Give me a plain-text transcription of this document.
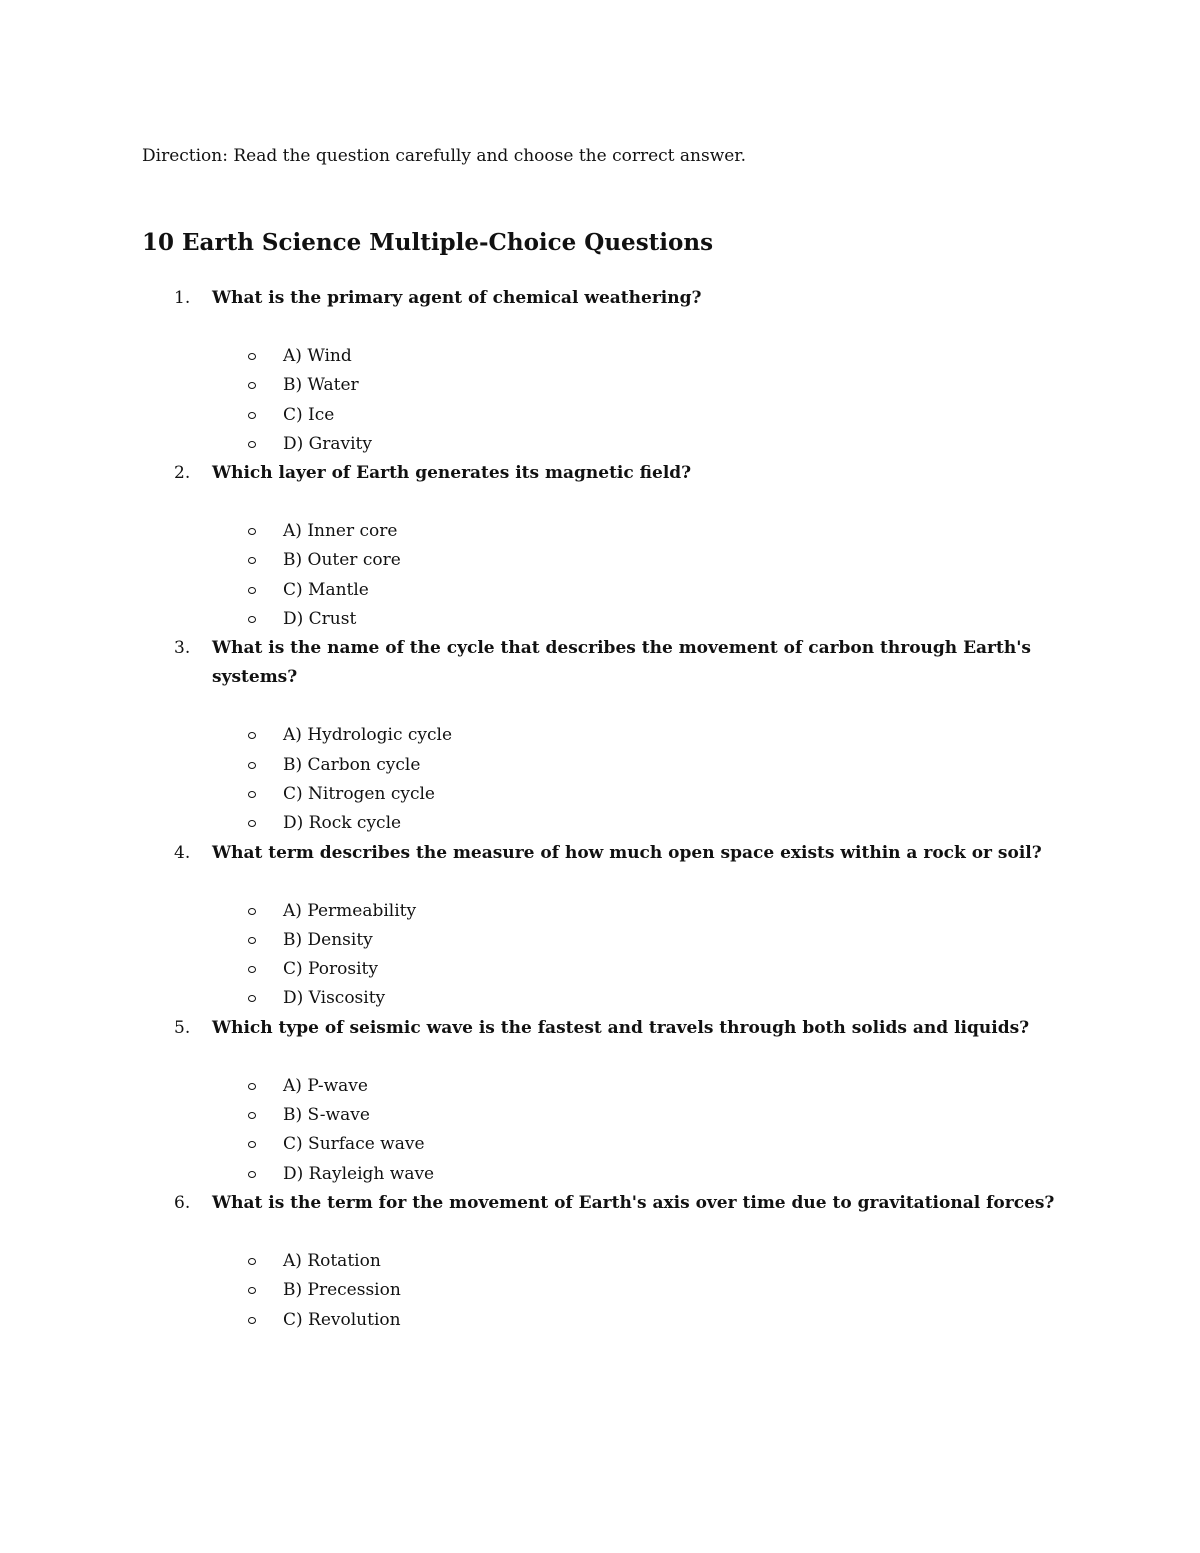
Direction: Read the question carefully and choose the correct answer.
10 Earth Science Multiple-Choice Questions
1. What is the primary agent of chemical weathering?
A) Wind
B) Water
C) Ice
D) Gravity
2. Which layer of Earth generates its magnetic field?
A) Inner core
B) Outer core
C) Mantle
D) Crust
3. What is the name of the cycle that describes the movement of carbon through Earth's systems?
A) Hydrologic cycle
B) Carbon cycle
C) Nitrogen cycle
D) Rock cycle
4. What term describes the measure of how much open space exists within a rock or soil?
A) Permeability
B) Density
C) Porosity
D) Viscosity
5. Which type of seismic wave is the fastest and travels through both solids and liquids?
A) P-wave
B) S-wave
C) Surface wave
D) Rayleigh wave
6. What is the term for the movement of Earth's axis over time due to gravitational forces?
A) Rotation
B) Precession
C) Revolution
